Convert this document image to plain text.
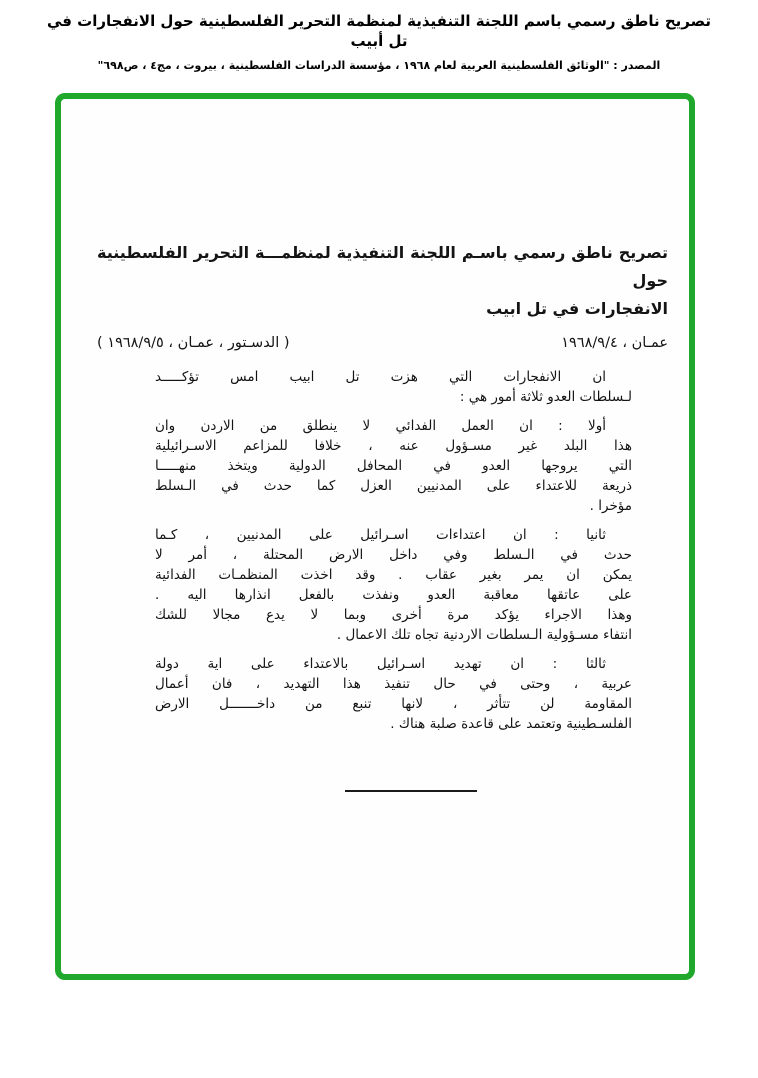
تصريح ناطق رسمي باسم اللجنة التنفيذية لمنظمة التحرير الفلسطينية حول الانفجارات في تل أبيب
المصدر : "الوثائق الفلسطينية العربية لعام ١٩٦٨ ، مؤسسة الدراسات الفلسطينية ، بيروت ، مج٤ ، ص٦٩٨"
تصريح ناطق رسمي باسـم اللجنة التنفيذية لمنظمـــة التحرير الفلسطينية حول
الانفجارات في تل ابيب
عمـان ، ١٩٦٨/٩/٤
( الدسـتور ، عمـان ، ١٩٦٨/٩/٥ )
ان الانفجارات التي هزت تل ابيب امس تؤكـــــد
لـسلطات العدو ثلاثة أمور هي :
أولا : ان العمل الفدائي لا ينطلق من الاردن وان
هذا البلد غير مسـؤول عنه ، خلافا للمزاعم الاسـرائيلية
التي يروجها العدو في المحافل الدولية ويتخذ منهـــــا
ذريعة للاعتداء على المدنيين العزل كما حدث في الـسلط
مؤخرا .
ثانيا : ان اعتداءات اسـرائيل على المدنيين ، كـما
حدث في الـسلط وفي داخل الارض المحتلة ، أمر لا
يمكن ان يمر بغير عقاب . وقد اخذت المنظمـات الفدائية
على عاتقها معاقبة العدو ونفذت بالفعل انذارها اليه .
وهذا الاجراء يؤكد مرة أخرى وبما لا يدع مجالا للشك
انتفاء مسـؤولية الـسلطات الاردنية تجاه تلك الاعمال .
ثالثا : ان تهديد اسـرائيل بالاعتداء على اية دولة
عربية ، وحتى في حال تنفيذ هذا التهديد ، فان أعمال
المقاومة لن تتأثر ، لانها تنبع من داخـــــــل الارض
الفلسـطينية وتعتمد على قاعدة صلبة هناك .
